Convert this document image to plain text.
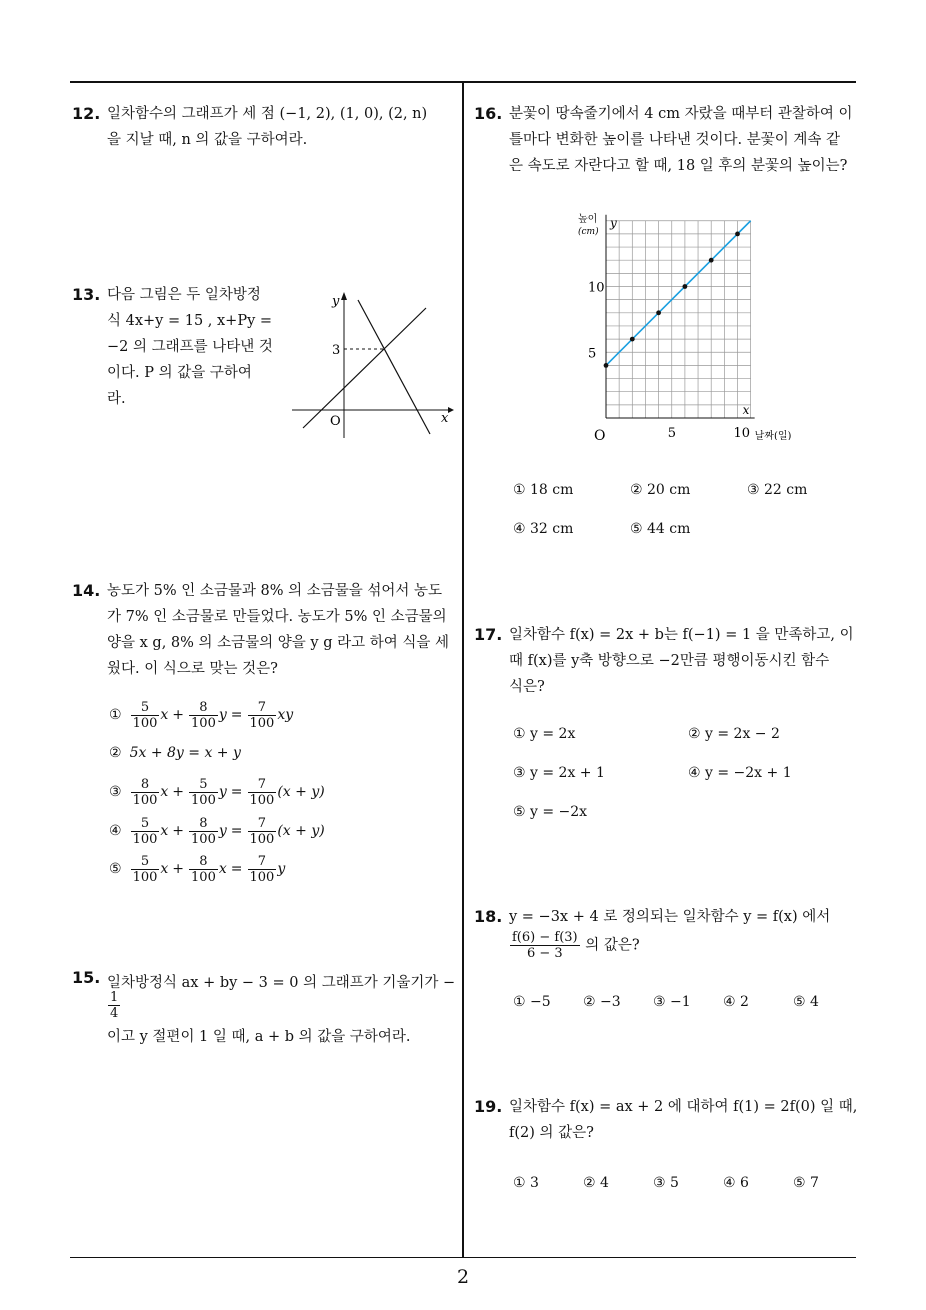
2
12. 일차함수의 그래프가 세 점 (−1, 2), (1, 0), (2, n)
을 지날 때, n 의 값을 구하여라.
13. 다음 그림은 두 일차방정
식 4x+y = 15 , x+Py =
−2 의 그래프를 나타낸 것
이다. P 의 값을 구하여
라.
y
x
O
3
14. 농도가 5% 인 소금물과 8% 의 소금물을 섞어서 농도
가 7% 인 소금물로 만들었다. 농도가 5% 인 소금물의
양을 x g, 8% 의 소금물의 양을 y g 라고 하여 식을 세
웠다. 이 식으로 맞는 것은?
① $\frac{5}{100}$ $x + \frac{8}{100}$ $y = \frac{7}{100}$ xy
② 5x + 8y = x + y
③ $\frac{8}{100}$ $x + \frac{5}{100}$ $y = \frac{7}{100} (x + y)$
④ $\frac{5}{100}$ $x + \frac{8}{100}$ $y = \frac{7}{100} (x + y)$
⑤ $\frac{5}{100}$ $x + \frac{8}{100}$ $x = \frac{7}{100}$ y
15. 일차방정식 ax + by − 3 = 0 의 그래프가 기울기가 −
$\frac{1}{4}$
이고 y 절편이 1 일 때, a + b 의 값을 구하여라.
16. 분꽃이 땅속줄기에서 4 cm 자랐을 때부터 관찰하여 이
틀마다 변화한 높이를 나타낸 것이다. 분꽃이 계속 같
은 속도로 자란다고 할 때, 18 일 후의 분꽃의 높이는?
5	10
5
10
O
x
y
날짜(일)
높이
(cm)
① 18 cm	② 20 cm	③ 22 cm
④ 32 cm	⑤ 44 cm
17. 일차함수 f(x) = 2x + b는 f(−1) = 1 을 만족하고, 이
때 f(x)를 y축 방향으로 −2만큼 평행이동시킨 함수
식은?
① y = 2x	② y = 2x − 2
③ y = 2x + 1	④ y = −2x + 1
⑤ y = −2x
18. y = −3x + 4 로 정의되는 일차함수 y = f(x) 에서
$\frac{f(6) - f(3)}{6 - 3}$ 의 값은?
① −5 ② −3 ③ −1 ④ 2	⑤ 4
19. 일차함수 f(x) = ax + 2 에 대하여 f(1) = 2f(0) 일 때,
f(2) 의 값은?
① 3	② 4	③ 5	④ 6	⑤ 7
